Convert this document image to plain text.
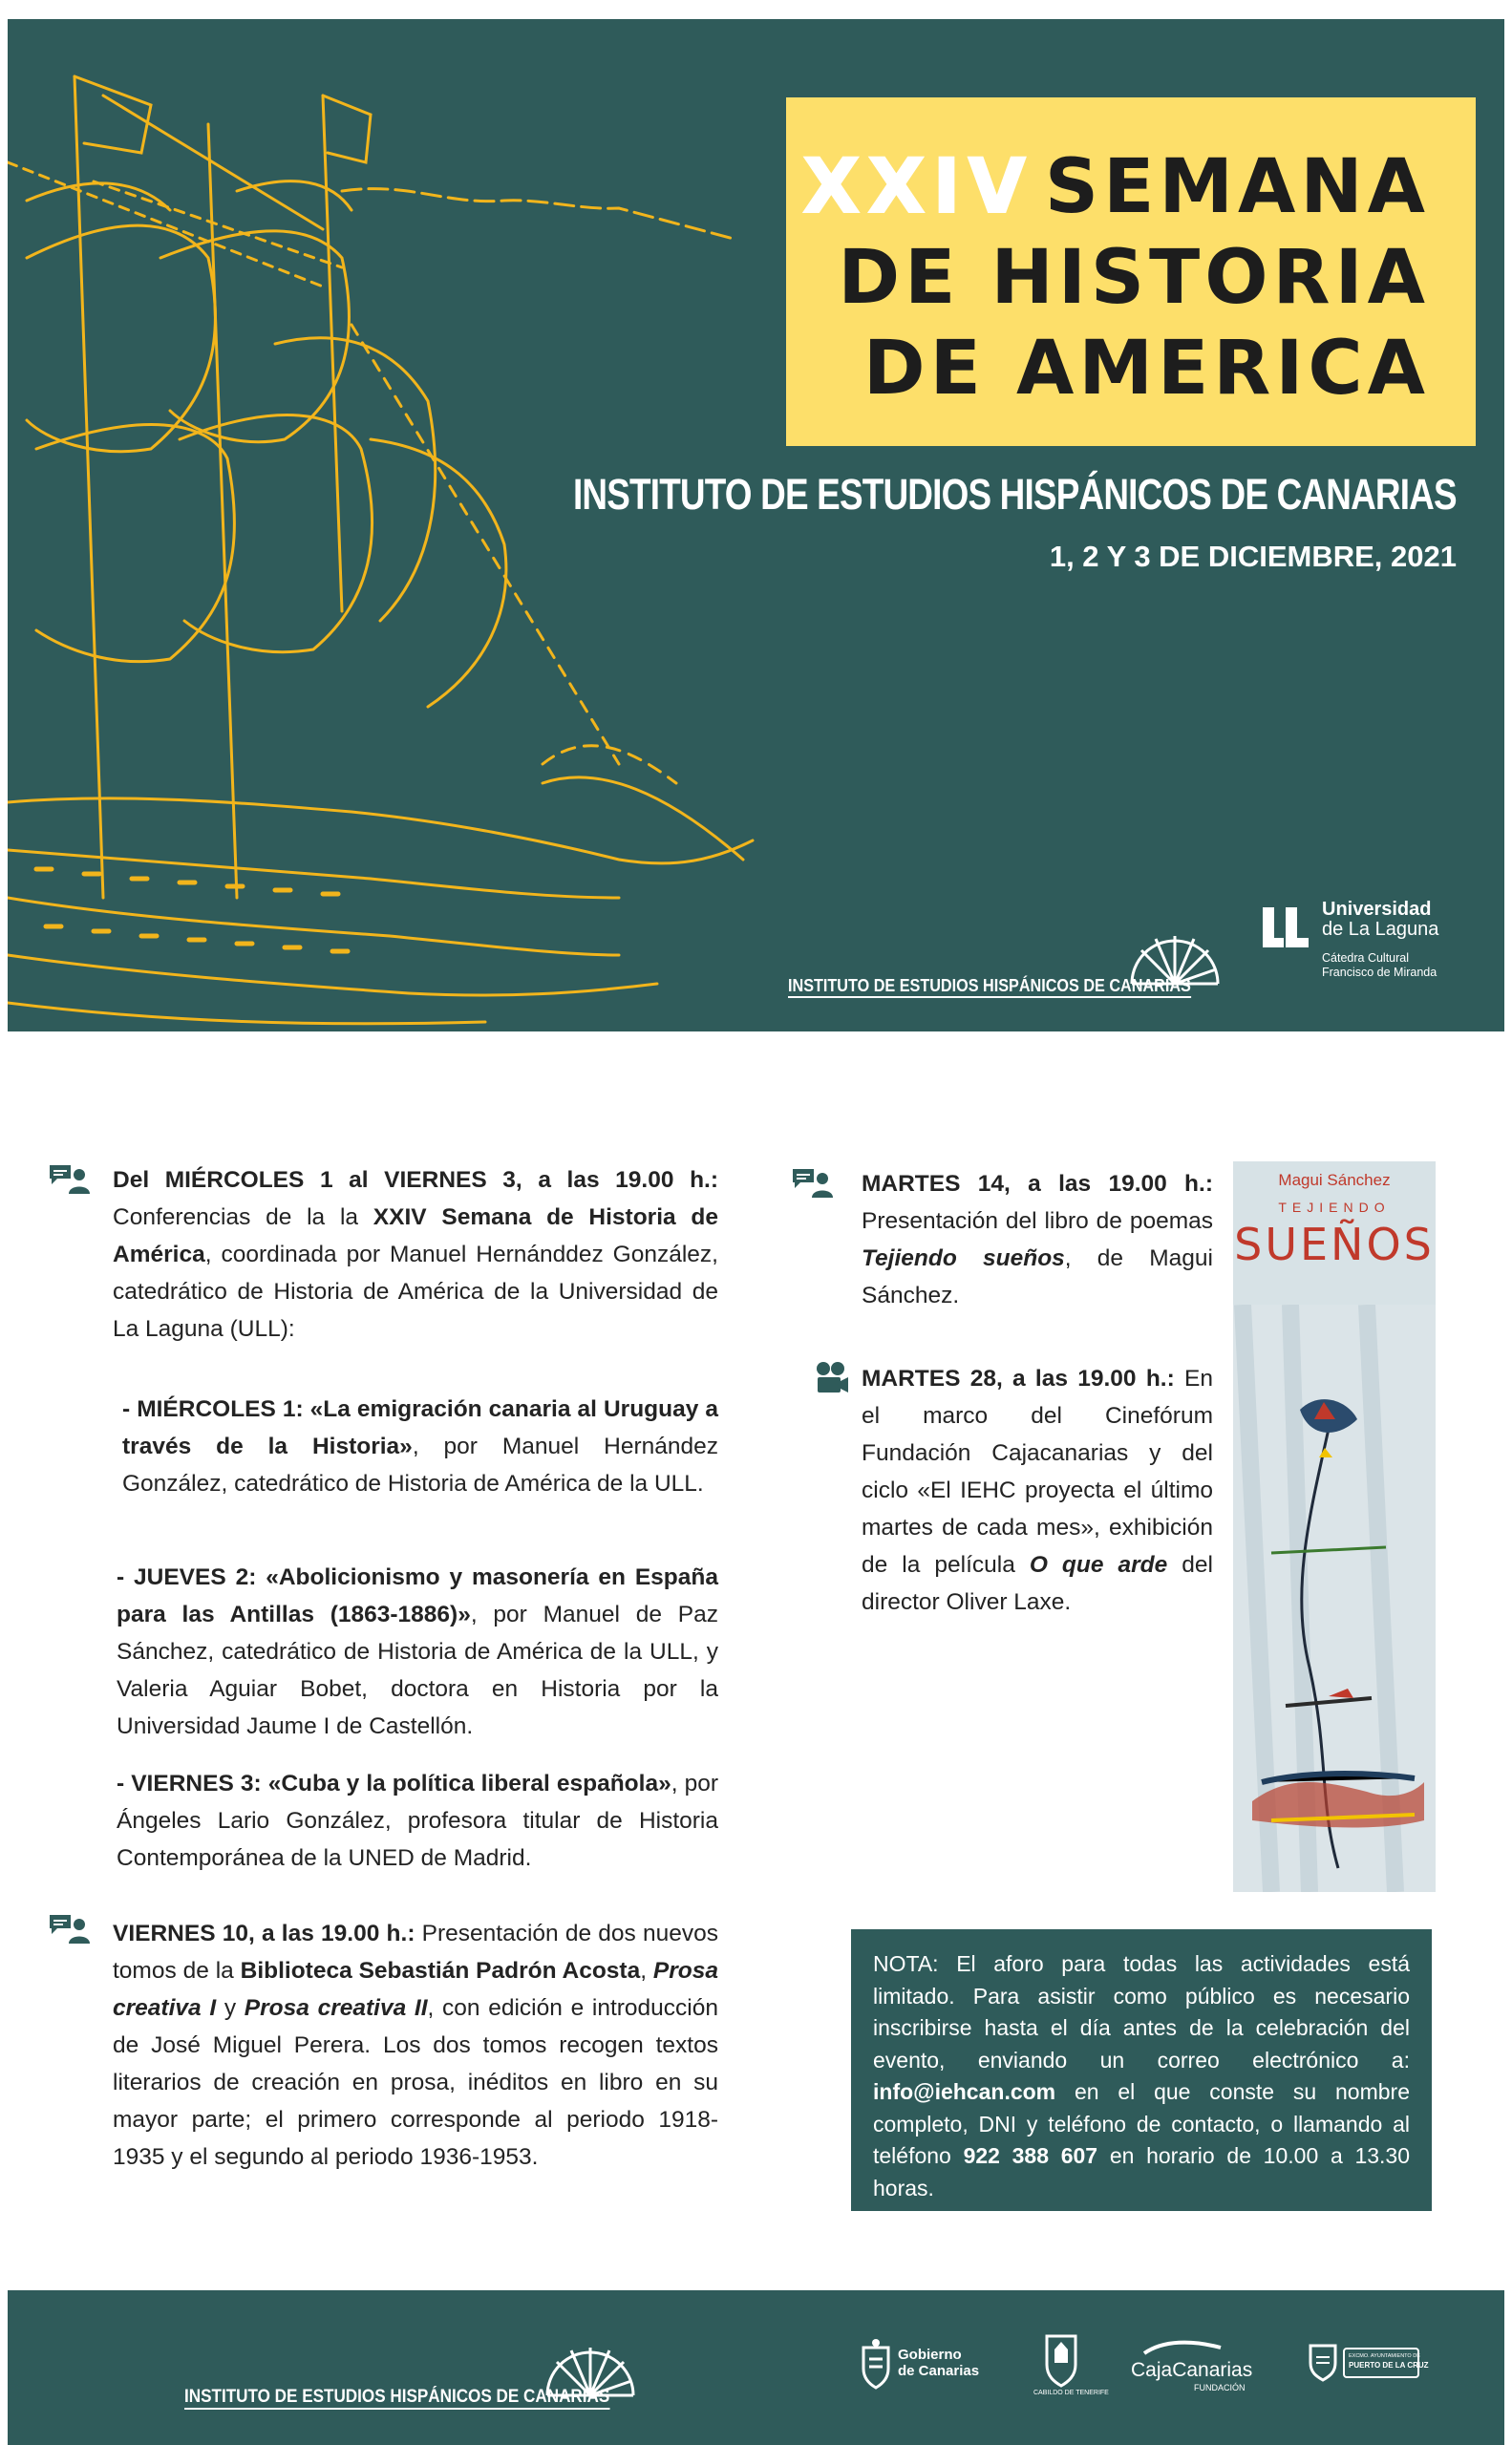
XXIV SEMANA
DE HISTORIA
DE AMERICA
INSTITUTO DE ESTUDIOS HISPÁNICOS DE CANARIAS
1, 2 Y 3 DE DICIEMBRE, 2021
INSTITUTO DE ESTUDIOS HISPÁNICOS DE CANARIAS
Universidad
de La Laguna
Cátedra Cultural
Francisco de Miranda
Del MIÉRCOLES 1 al VIERNES 3, a las 19.00 h.: Conferencias de la la XXIV Semana de Historia de América, coordinada por Manuel Hernánddez González, catedrático de Historia de América de la Universidad de La Laguna (ULL):
- MIÉRCOLES 1: «La emigración canaria al Uruguay a través de la Historia», por Manuel Hernández González, catedrático de Historia de América de la ULL.
- JUEVES 2: «Abolicionismo y masonería en España para las Antillas (1863-1886)», por Manuel de Paz Sánchez, catedrático de Historia de América de la ULL, y Valeria Aguiar Bobet, doctora en Historia por la Universidad Jaume I de Castellón.
- VIERNES 3: «Cuba y la política liberal española», por Ángeles Lario González, profesora titular de Historia Contemporánea de la UNED de Madrid.
VIERNES 10, a las 19.00 h.: Presentación de dos nuevos tomos de la Biblioteca Sebastián Padrón Acosta, Prosa creativa I y Prosa creativa II, con edición e introducción de José Miguel Perera. Los dos tomos recogen textos literarios de creación en prosa, inéditos en libro en su mayor parte; el primero corresponde al periodo 1918-1935 y el segundo al periodo 1936-1953.
MARTES 14, a las 19.00 h.: Presentación del libro de poemas Tejiendo sueños, de Magui Sánchez.
MARTES 28, a las 19.00 h.: En el marco del Cinefórum Fundación Cajacanarias y del ciclo «El IEHC proyecta el último martes de cada mes», exhibición de la película O que arde del director Oliver Laxe.
Magui Sánchez
TEJIENDO
SUEÑOS
NOTA: El aforo para todas las actividades está limitado. Para asistir como público es necesario inscribirse hasta el día antes de la celebración del evento, enviando un correo electrónico a: info@iehcan.com en el que conste su nombre completo, DNI y teléfono de contacto, o llamando al teléfono 922 388 607 en horario de 10.00 a 13.30 horas.
INSTITUTO DE ESTUDIOS HISPÁNICOS DE CANARIAS
Gobierno
de Canarias
CABILDO DE TENERIFE
CajaCanarias
FUNDACIÓN
EXCMO. AYUNTAMIENTO DE
PUERTO DE LA CRUZ
